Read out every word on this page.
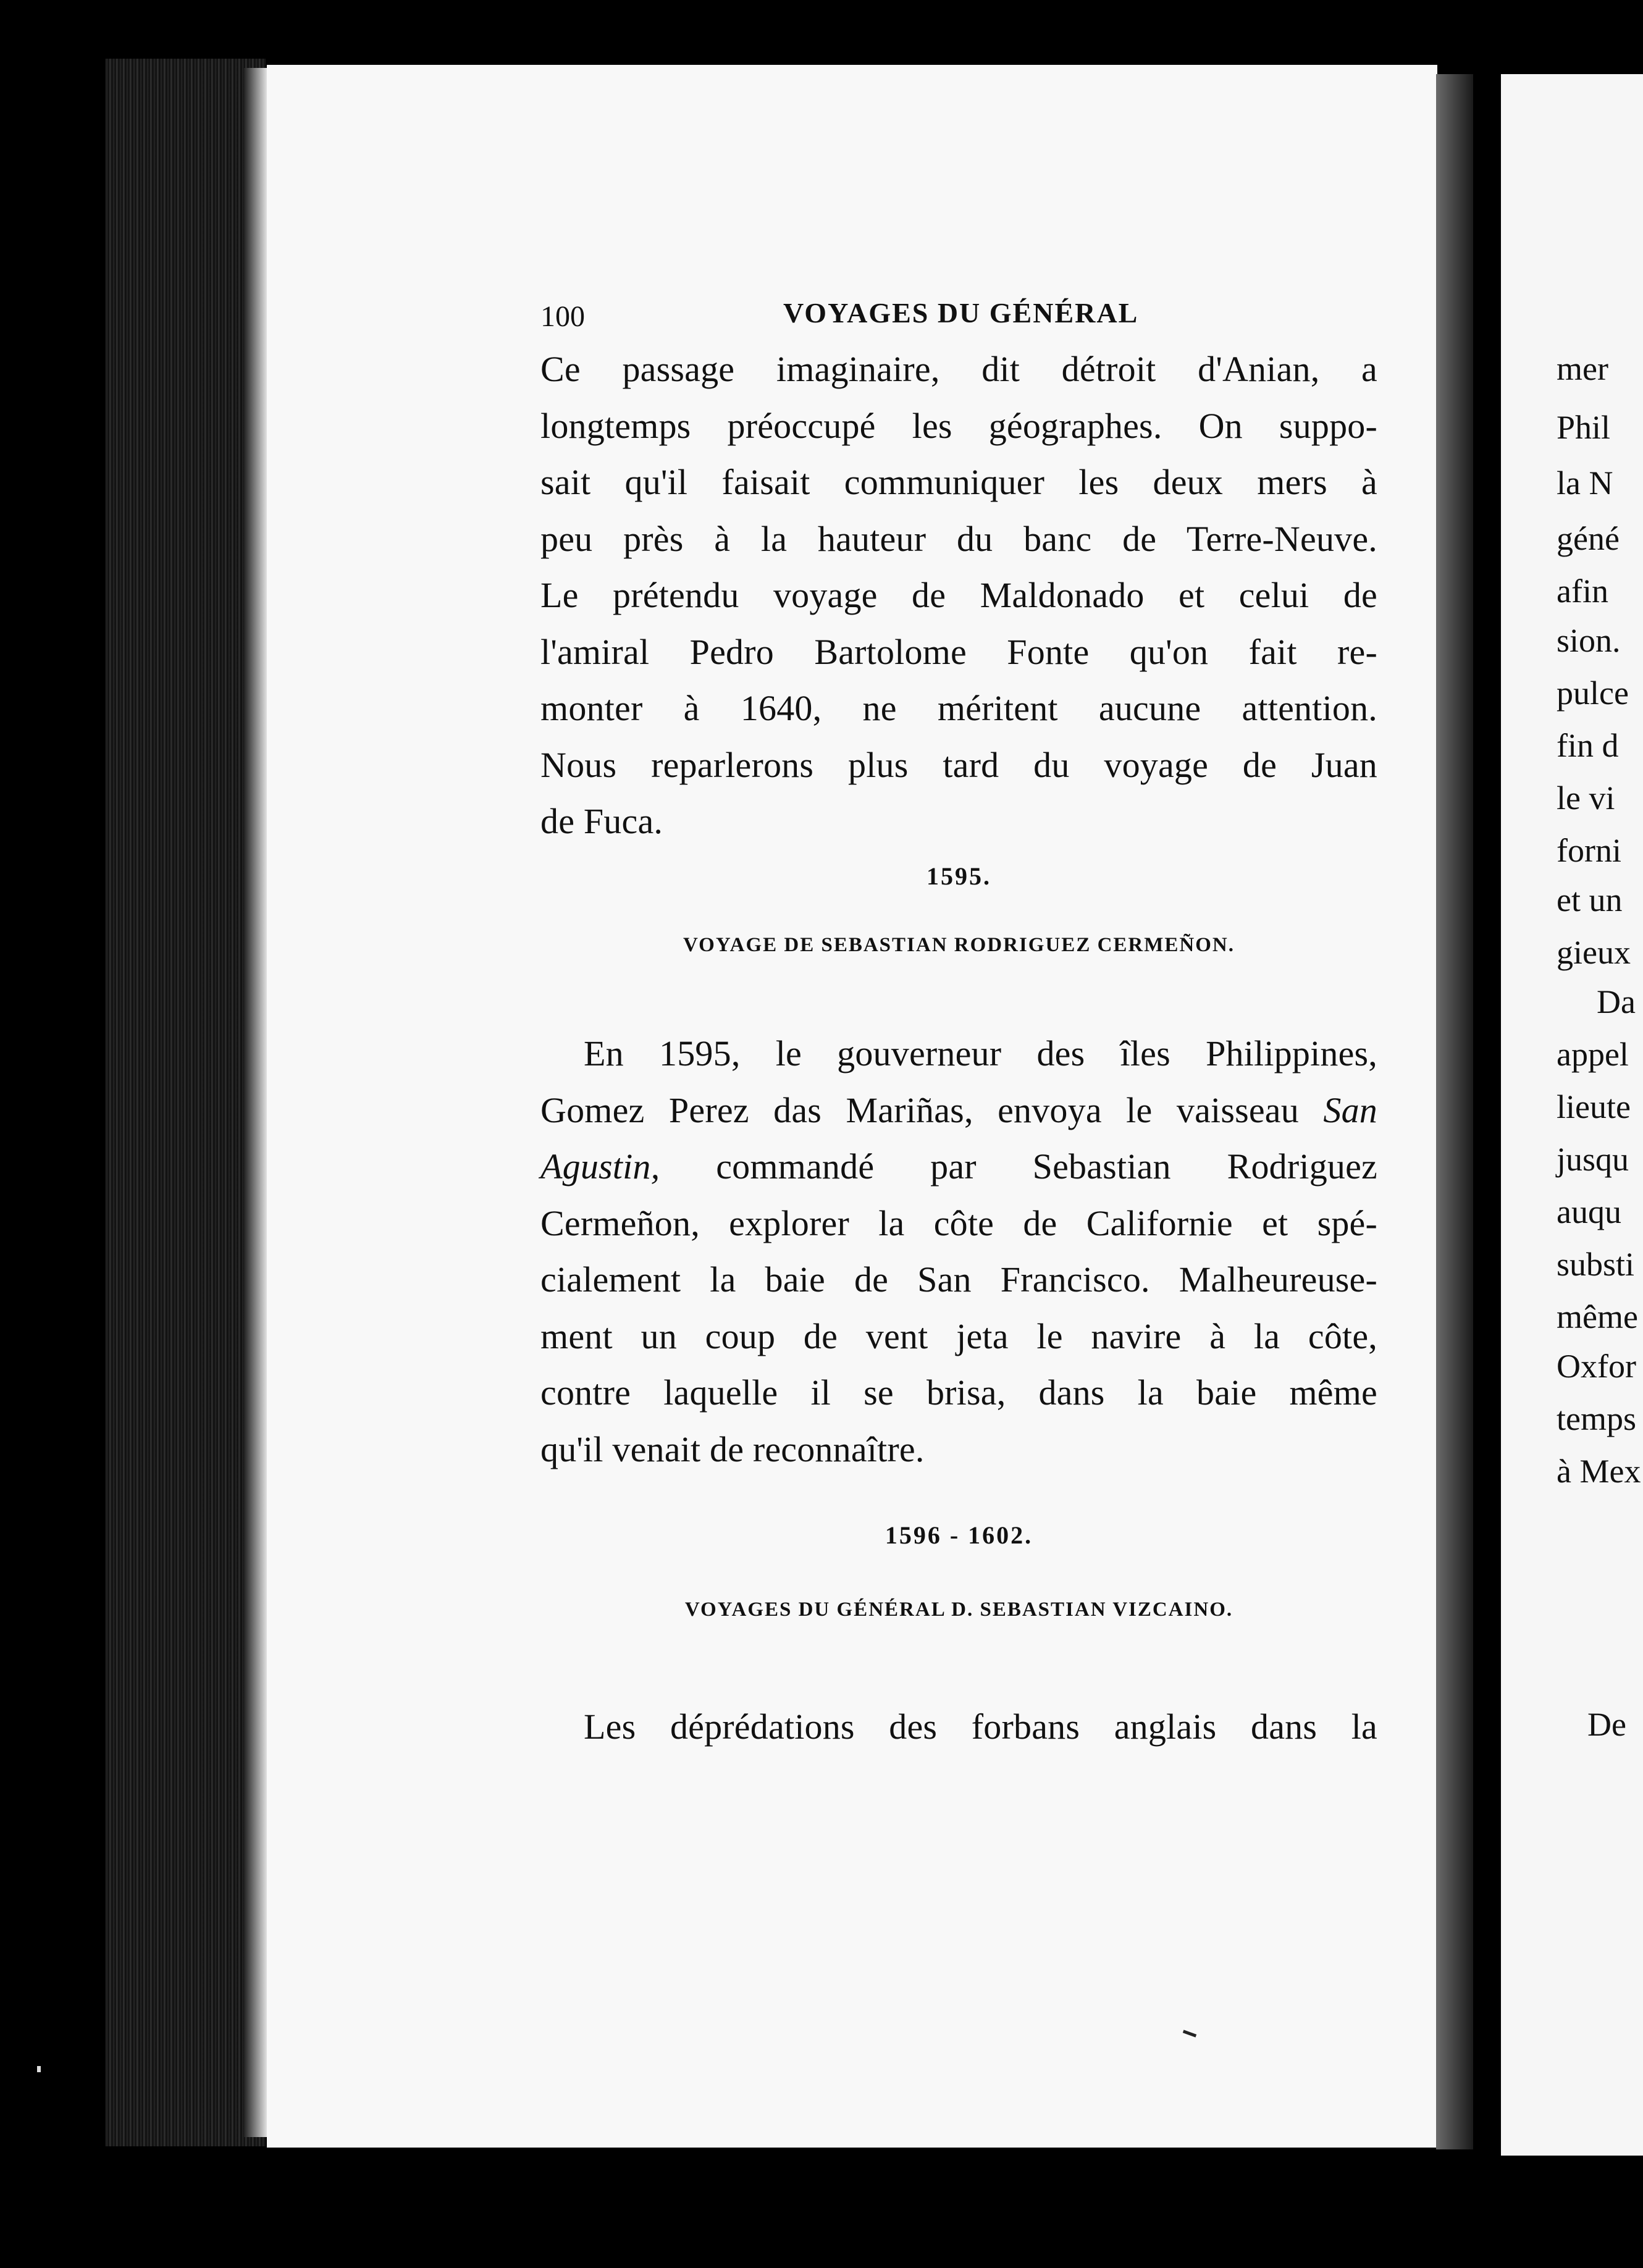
100	VOYAGES DU GÉNÉRAL
Ce passage imaginaire, dit détroit d'Anian, a
longtemps préoccupé les géographes. On suppo-
sait qu'il faisait communiquer les deux mers à
peu près à la hauteur du banc de Terre-Neuve.
Le prétendu voyage de Maldonado et celui de
l'amiral Pedro Bartolome Fonte qu'on fait re-
monter à 1640, ne méritent aucune attention.
Nous reparlerons plus tard du voyage de Juan
de Fuca.
1595.
VOYAGE DE SEBASTIAN RODRIGUEZ CERMEÑON.
En 1595, le gouverneur des îles Philippines,
Gomez Perez das Mariñas, envoya le vaisseau San
Agustin, commandé par Sebastian Rodriguez
Cermeñon, explorer la côte de Californie et spé-
cialement la baie de San Francisco. Malheureuse-
ment un coup de vent jeta le navire à la côte,
contre laquelle il se brisa, dans la baie même
qu'il venait de reconnaître.
1596 - 1602.
VOYAGES DU GÉNÉRAL D. SEBASTIAN VIZCAINO.
Les déprédations des forbans anglais dans la
mer
Phil
la N
géné
afin
sion.
pulce
fin d
le vi
forni
et un
gieux
Da
appel
lieute
jusqu
auqu
substi
même
Oxfor
temps
à Mex
De
